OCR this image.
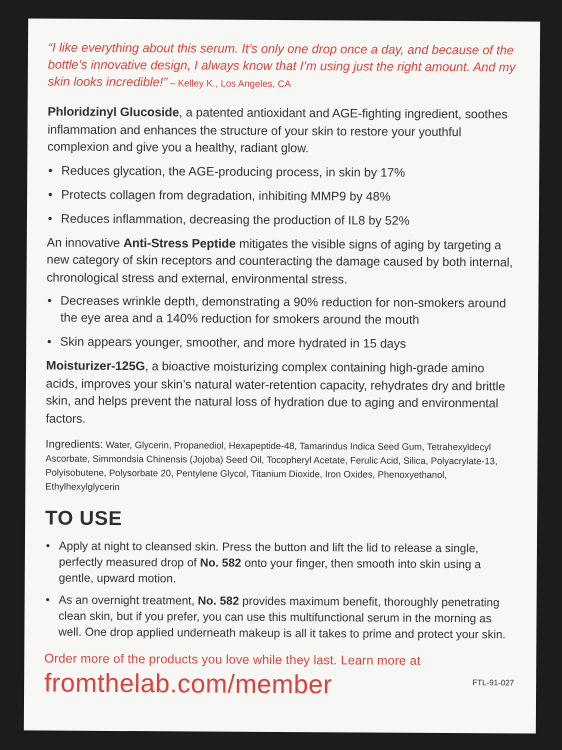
“I like everything about this serum. It’s only one drop once a day, and because of the bottle’s innovative design, I always know that I’m using just the right amount. And my skin looks incredible!” – Kelley K., Los Angeles, CA

Phloridzinyl Glucoside, a patented antioxidant and AGE-fighting ingredient, soothes inflammation and enhances the structure of your skin to restore your youthful complexion and give you a healthy, radiant glow.

• Reduces glycation, the AGE-producing process, in skin by 17%
• Protects collagen from degradation, inhibiting MMP9 by 48%
• Reduces inflammation, decreasing the production of IL8 by 52%

An innovative Anti-Stress Peptide mitigates the visible signs of aging by targeting a new category of skin receptors and counteracting the damage caused by both internal, chronological stress and external, environmental stress.

• Decreases wrinkle depth, demonstrating a 90% reduction for non-smokers around the eye area and a 140% reduction for smokers around the mouth
• Skin appears younger, smoother, and more hydrated in 15 days

Moisturizer-125G, a bioactive moisturizing complex containing high-grade amino acids, improves your skin’s natural water-retention capacity, rehydrates dry and brittle skin, and helps prevent the natural loss of hydration due to aging and environmental factors.

Ingredients: Water, Glycerin, Propanediol, Hexapeptide-48, Tamarindus Indica Seed Gum, Tetrahexyldecyl Ascorbate, Simmondsia Chinensis (Jojoba) Seed Oil, Tocopheryl Acetate, Ferulic Acid, Silica, Polyacrylate-13, Polyisobutene, Polysorbate 20, Pentylene Glycol, Titanium Dioxide, Iron Oxides, Phenoxyethanol, Ethylhexylglycerin

TO USE
• Apply at night to cleansed skin. Press the button and lift the lid to release a single, perfectly measured drop of No. 582 onto your finger, then smooth into skin using a gentle, upward motion.
• As an overnight treatment, No. 582 provides maximum benefit, thoroughly penetrating clean skin, but if you prefer, you can use this multifunctional serum in the morning as well. One drop applied underneath makeup is all it takes to prime and protect your skin.
Order more of the products you love while they last. Learn more at
fromthelab.com/member	FTL-91-027
